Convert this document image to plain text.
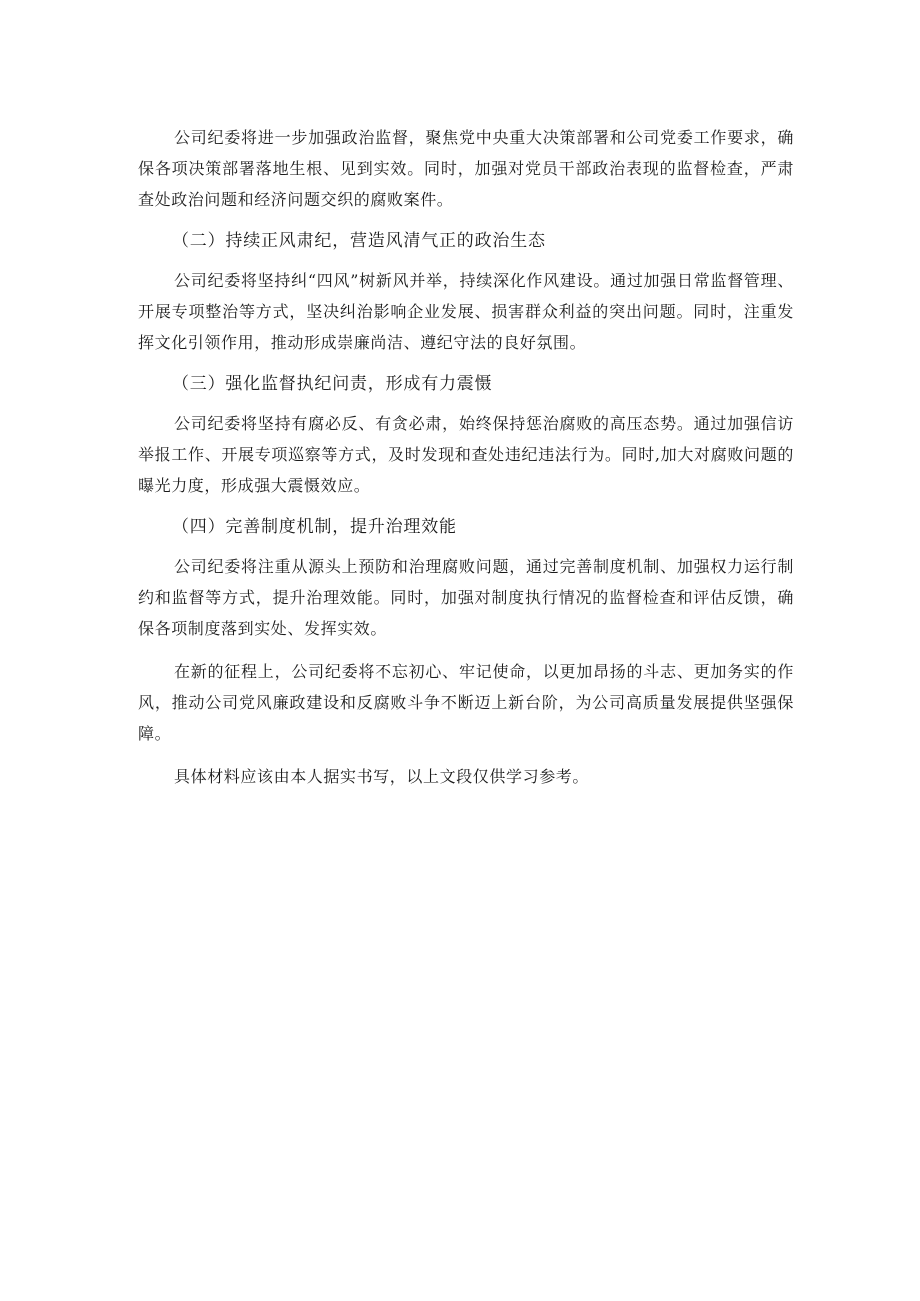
公司纪委将进一步加强政治监督，聚焦党中央重大决策部署和公司党委工作要求，确保各项决策部署落地生根、见到实效。同时，加强对党员干部政治表现的监督检查，严肃查处政治问题和经济问题交织的腐败案件。

（二）持续正风肃纪，营造风清气正的政治生态

公司纪委将坚持纠“四风”树新风并举，持续深化作风建设。通过加强日常监督管理、开展专项整治等方式，坚决纠治影响企业发展、损害群众利益的突出问题。同时，注重发挥文化引领作用，推动形成崇廉尚洁、遵纪守法的良好氛围。

（三）强化监督执纪问责，形成有力震慑

公司纪委将坚持有腐必反、有贪必肃，始终保持惩治腐败的高压态势。通过加强信访举报工作、开展专项巡察等方式，及时发现和查处违纪违法行为。同时,加大对腐败问题的曝光力度，形成强大震慑效应。

（四）完善制度机制，提升治理效能

公司纪委将注重从源头上预防和治理腐败问题，通过完善制度机制、加强权力运行制约和监督等方式，提升治理效能。同时，加强对制度执行情况的监督检查和评估反馈，确保各项制度落到实处、发挥实效。

在新的征程上，公司纪委将不忘初心、牢记使命，以更加昂扬的斗志、更加务实的作风，推动公司党风廉政建设和反腐败斗争不断迈上新台阶，为公司高质量发展提供坚强保障。

具体材料应该由本人据实书写，以上文段仅供学习参考。
